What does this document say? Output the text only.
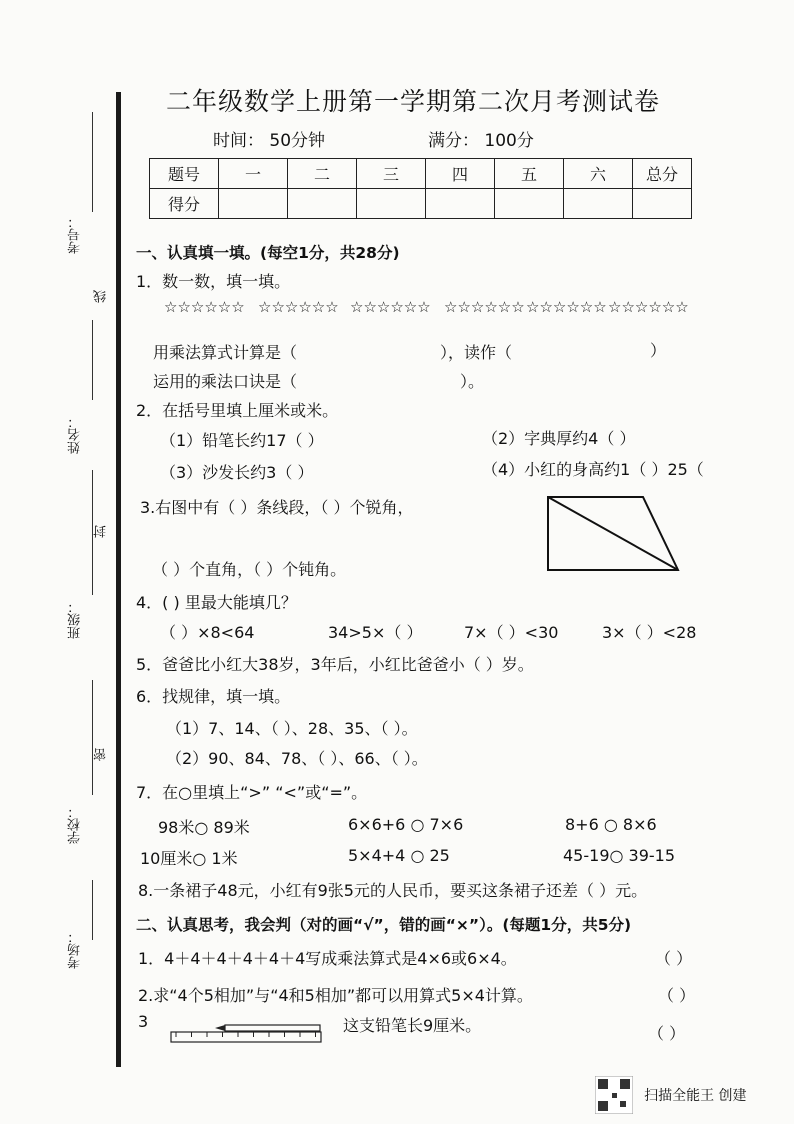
考号：
线
姓名：
封
班级：
密
学校：
考场：
二年级数学上册第一学期第二次月考测试卷
时间： 50分钟	满分： 100分
题号	一	二	三	四	五	六	总分
得分							
一、认真填一填。(每空1分，共28分)
1．数一数，填一填。
☆☆☆☆☆☆ ☆☆☆☆☆☆ ☆☆☆☆☆☆ ☆☆☆☆☆☆ ☆☆☆☆☆☆ ☆☆☆☆☆☆
用乘法算式计算是（	），读作（	）
运用的乘法口诀是（	）。
2．在括号里填上厘米或米。
（1）铅笔长约17（ ）	（2）字典厚约4（ ）
（3）沙发长约3（ ）	（4）小红的身高约1（ ）25（
3.右图中有（ ）条线段，（ ）个锐角，
（ ）个直角，（ ）个钝角。
4．( ) 里最大能填几？
（ ）×8<64	34>5×（ ）	7×（ ）<30	3×（ ）<28
5．爸爸比小红大38岁，3年后，小红比爸爸小（ ）岁。
6．找规律，填一填。
（1）7、14、（ ）、28、35、（ ）。
（2）90、84、78、（ ）、66、（ ）。
7．在○里填上“>” “<”或“=”。
98米○ 89米	6×6+6 ○ 7×6	8+6 ○ 8×6
10厘米○ 1米	5×4+4 ○ 25	45-19○ 39-15
8.一条裙子48元，小红有9张5元的人民币，要买这条裙子还差（ ）元。
二、认真思考，我会判（对的画“√”，错的画“×”）。(每题1分，共5分)
1．4＋4＋4＋4＋4＋4写成乘法算式是4×6或6×4。	（ ）
2.求“4个5相加”与“4和5相加”都可以用算式5×4计算。	（ ）
3	这支铅笔长9厘米。	（ ）
扫描全能王 创建
